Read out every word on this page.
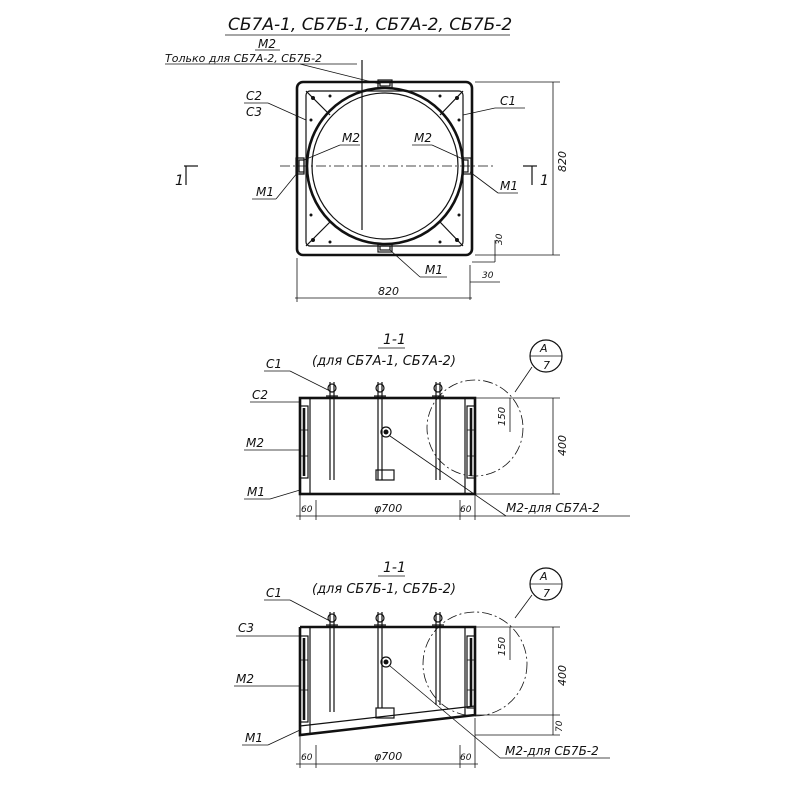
СБ7А-1, СБ7Б-1, СБ7А-2, СБ7Б-2
М2
Только для СБ7А-2, СБ7Б-2
С2
С3
С1
М2	М2
М1	М1
М1
1	1
820
30
30
820
1-1
(для СБ7А-1, СБ7А-2)
А
7
С1
С2
М2
М1
150
400
60	φ700	60	М2-для СБ7А-2
1-1
(для СБ7Б-1, СБ7Б-2)
А
7
С1
С3
М2
М1
150
400
70
60	φ700	60	М2-для СБ7Б-2
